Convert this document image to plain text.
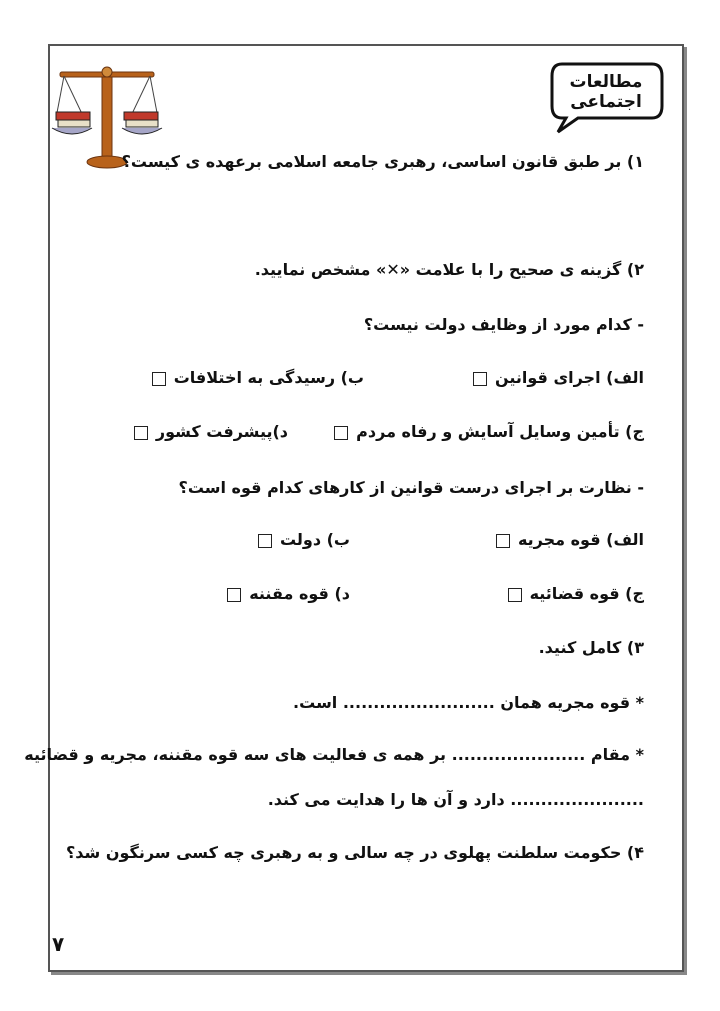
مطالعات اجتماعی
۱) بر طبق قانون اساسی، رهبری جامعه اسلامی برعهده ی کیست؟
۲) گزینه ی صحیح را با علامت «✕» مشخص نمایید.
- کدام مورد از وظایف دولت نیست؟
الف) اجرای قوانین
ب) رسیدگی به اختلافات
ج) تأمین وسایل آسایش و رفاه مردم
د)پیشرفت کشور
- نظارت بر اجرای درست قوانین از کارهای کدام قوه است؟
الف) قوه مجریه
ب) دولت
ج) قوه قضائیه
د) قوه مقننه
۳) کامل کنید.
* قوه مجریه همان ......................... است.
* مقام ...................... بر همه ی فعالیت های سه قوه مقننه، مجریه و قضائیه
...................... دارد و آن ها را هدایت می کند.
۴) حکومت سلطنت پهلوی در چه سالی و به رهبری چه کسی سرنگون شد؟
۷
